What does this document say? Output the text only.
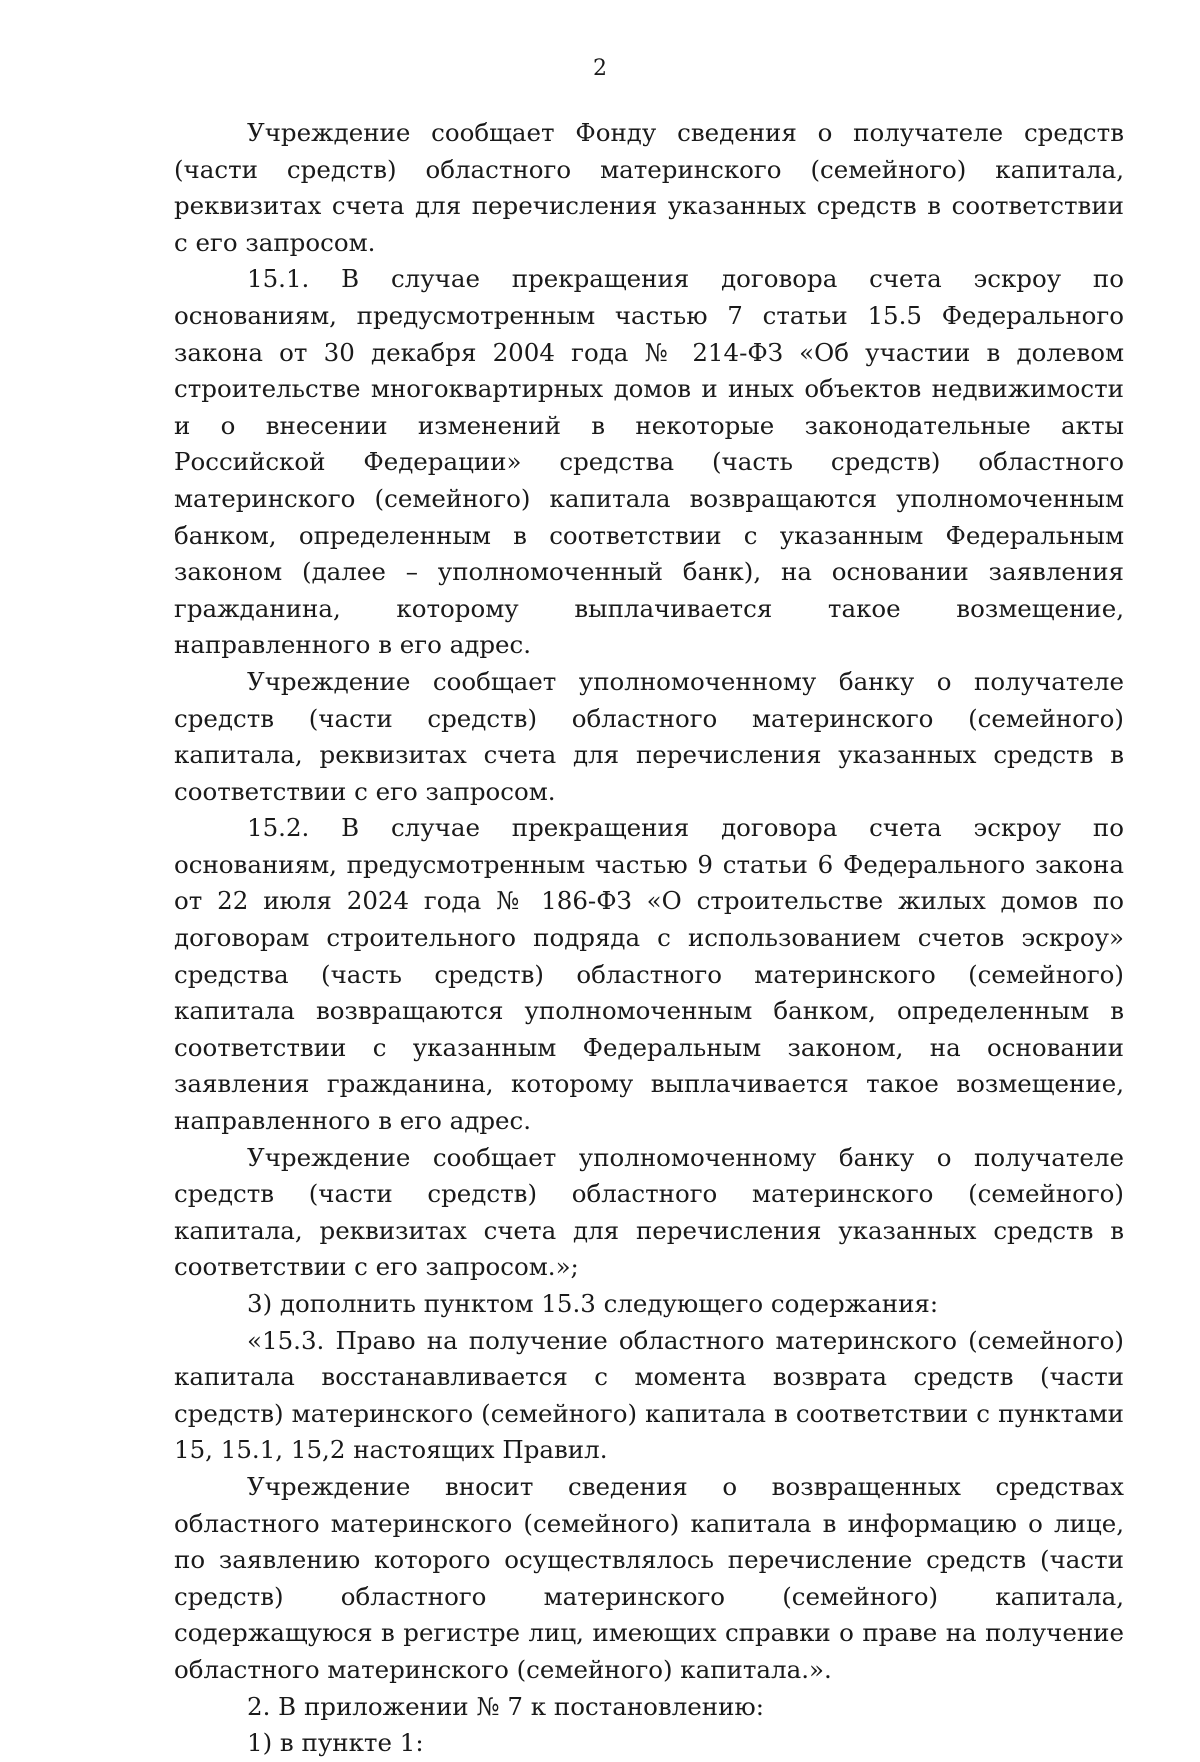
2

Учреждение сообщает Фонду сведения о получателе средств (части средств) областного материнского (семейного) капитала, реквизитах счета для перечисления указанных средств в соответствии с его запросом.

15.1. В случае прекращения договора счета эскроу по основаниям, предусмотренным частью 7 статьи 15.5 Федерального закона от 30 декабря 2004 года № 214-ФЗ «Об участии в долевом строительстве многоквартирных домов и иных объектов недвижимости и о внесении изменений в некоторые законодательные акты Российской Федерации» средства (часть средств) областного материнского (семейного) капитала возвращаются уполномоченным банком, определенным в соответствии с указанным Федеральным законом (далее – уполномоченный банк), на основании заявления гражданина, которому выплачивается такое возмещение, направленного в его адрес.

Учреждение сообщает уполномоченному банку о получателе средств (части средств) областного материнского (семейного) капитала, реквизитах счета для перечисления указанных средств в соответствии с его запросом.

15.2. В случае прекращения договора счета эскроу по основаниям, предусмотренным частью 9 статьи 6 Федерального закона от 22 июля 2024 года № 186-ФЗ «О строительстве жилых домов по договорам строительного подряда с использованием счетов эскроу» средства (часть средств) областного материнского (семейного) капитала возвращаются уполномоченным банком, определенным в соответствии с указанным Федеральным законом, на основании заявления гражданина, которому выплачивается такое возмещение, направленного в его адрес.

Учреждение сообщает уполномоченному банку о получателе средств (части средств) областного материнского (семейного) капитала, реквизитах счета для перечисления указанных средств в соответствии с его запросом.»;

3) дополнить пунктом 15.3 следующего содержания:

«15.3. Право на получение областного материнского (семейного) капитала восстанавливается с момента возврата средств (части средств) материнского (семейного) капитала в соответствии с пунктами 15, 15.1, 15,2 настоящих Правил.

Учреждение вносит сведения о возвращенных средствах областного материнского (семейного) капитала в информацию о лице, по заявлению которого осуществлялось перечисление средств (части средств) областного материнского (семейного) капитала, содержащуюся в регистре лиц, имеющих справки о праве на получение областного материнского (семейного) капитала.».

2. В приложении № 7 к постановлению:

1) в пункте 1:
